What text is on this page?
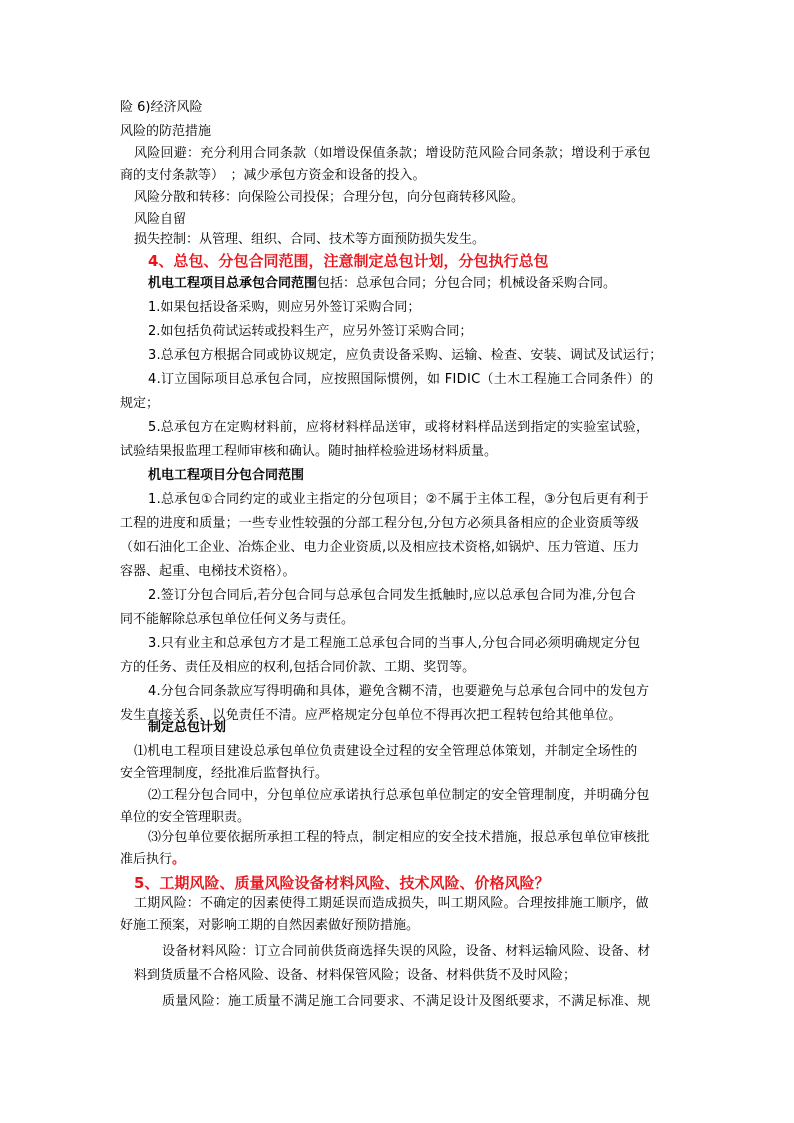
险 6)经济风险
风险的防范措施
风险回避：充分利用合同条款（如增设保值条款；增设防范风险合同条款；增设利于承包
商的支付条款等）　；减少承包方资金和设备的投入。
风险分散和转移：向保险公司投保；合理分包，向分包商转移风险。
风险自留
损失控制：从管理、组织、合同、技术等方面预防损失发生。
4、总包、分包合同范围，注意制定总包计划，分包执行总包
机电工程项目总承包合同范围包括：总承包合同；分包合同；机械设备采购合同。
1.如果包括设备采购，则应另外签订采购合同；
2.如包括负荷试运转或投料生产，应另外签订采购合同；
3.总承包方根据合同或协议规定，应负责设备采购、运输、检查、安装、调试及试运行；
4.订立国际项目总承包合同，应按照国际惯例，如 FIDIC（土木工程施工合同条件）的
规定；
5.总承包方在定购材料前，应将材料样品送审，或将材料样品送到指定的实验室试验，
试验结果报监理工程师审核和确认。随时抽样检验进场材料质量。
机电工程项目分包合同范围
1.总承包①合同约定的或业主指定的分包项目；②不属于主体工程，③分包后更有利于
工程的进度和质量；一些专业性较强的分部工程分包,分包方必须具备相应的企业资质等级
（如石油化工企业、冶炼企业、电力企业资质,以及相应技术资格,如锅炉、压力管道、压力
容器、起重、电梯技术资格）。
2.签订分包合同后,若分包合同与总承包合同发生抵触时,应以总承包合同为准,分包合
同不能解除总承包单位任何义务与责任。
3.只有业主和总承包方才是工程施工总承包合同的当事人,分包合同必须明确规定分包
方的任务、责任及相应的权利,包括合同价款、工期、奖罚等。
4.分包合同条款应写得明确和具体，避免含糊不清，也要避免与总承包合同中的发包方
发生直接关系，以免责任不清。应严格规定分包单位不得再次把工程转包给其他单位。
制定总包计划
⑴机电工程项目建设总承包单位负责建设全过程的安全管理总体策划，并制定全场性的
安全管理制度，经批准后监督执行。
⑵工程分包合同中，分包单位应承诺执行总承包单位制定的安全管理制度，并明确分包
单位的安全管理职责。
⑶分包单位要依据所承担工程的特点，制定相应的安全技术措施，报总承包单位审核批
准后执行。
5、工期风险、质量风险设备材料风险、技术风险、价格风险？
工期风险：不确定的因素使得工期延误而造成损失，叫工期风险。合理按排施工顺序，做
好施工预案，对影响工期的自然因素做好预防措施。
设备材料风险：订立合同前供货商选择失误的风险，设备、材料运输风险、设备、材
料到货质量不合格风险、设备、材料保管风险；设备、材料供货不及时风险；
质量风险：施工质量不满足施工合同要求、不满足设计及图纸要求，不满足标准、规
